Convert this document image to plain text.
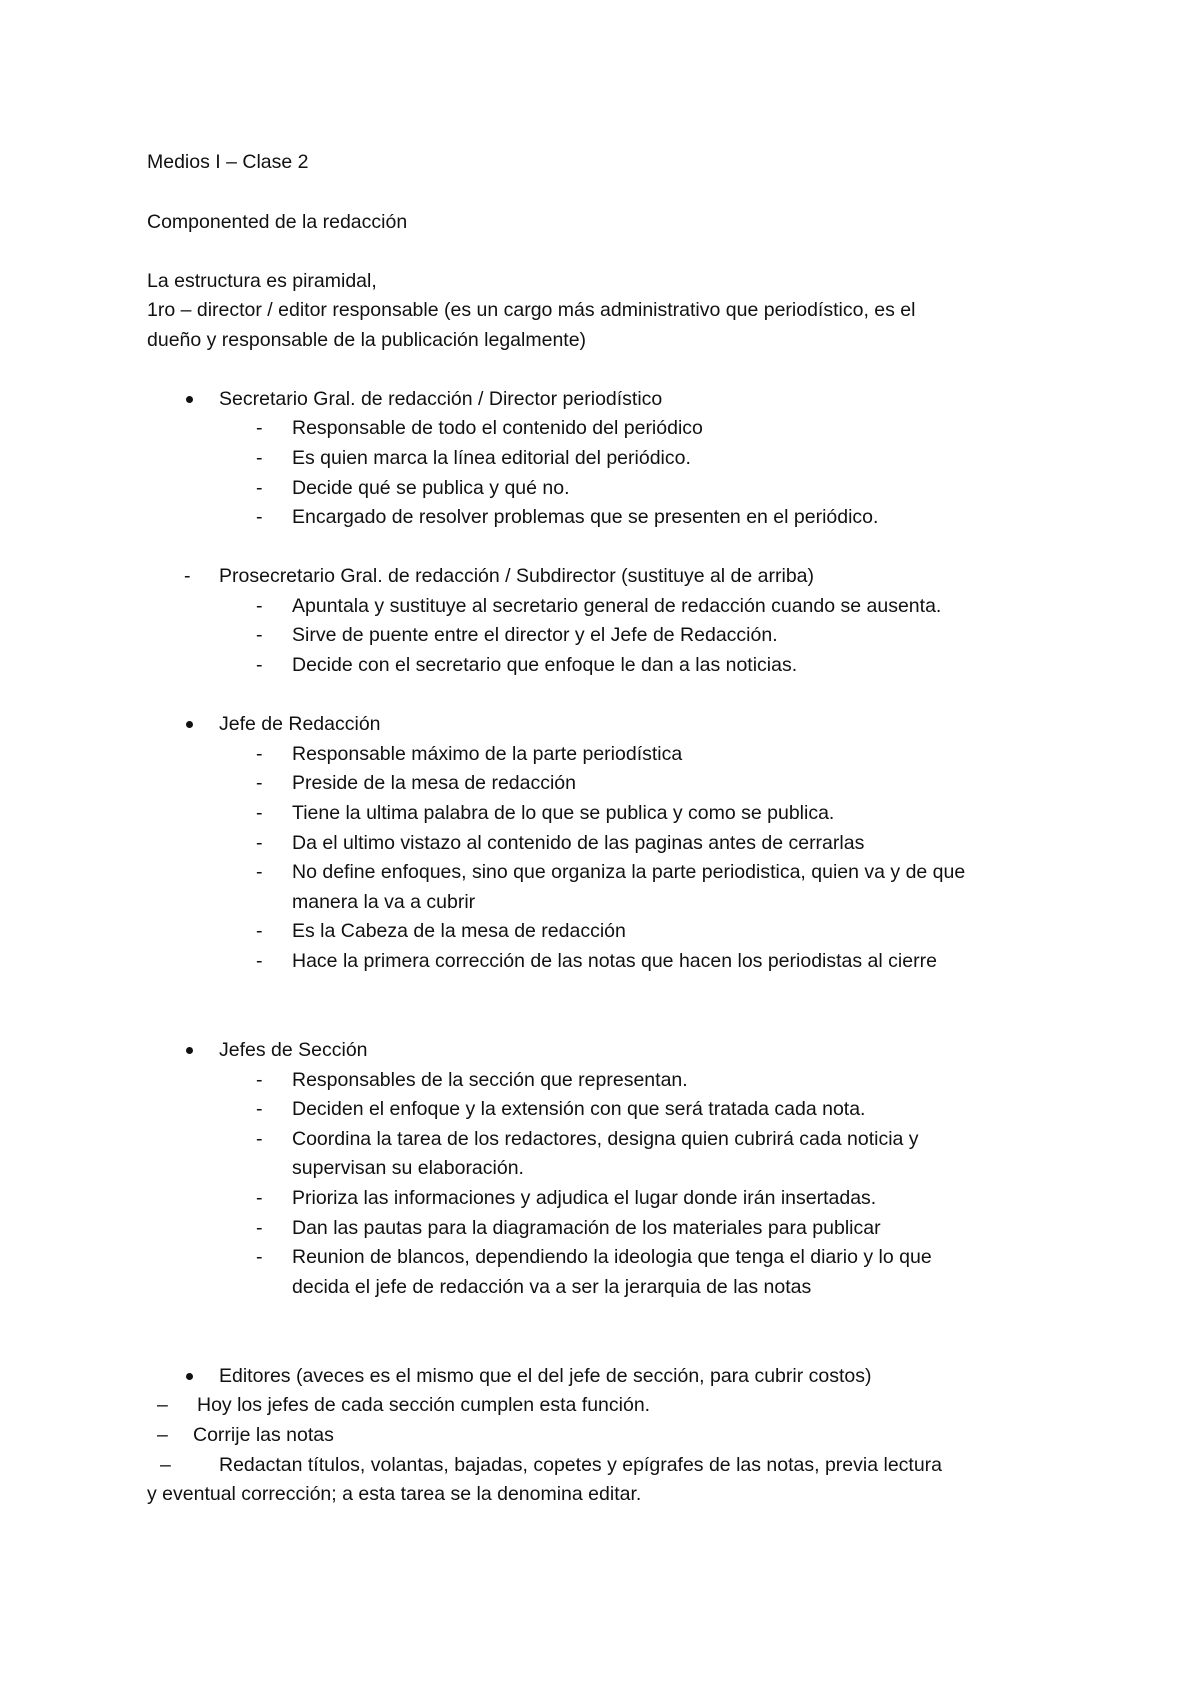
Medios I – Clase 2
Componented de la redacción
La estructura es piramidal,
1ro – director / editor responsable (es un cargo más administrativo que periodístico, es el
dueño y responsable de la publicación legalmente)
Secretario Gral. de redacción / Director periodístico
- Responsable de todo el contenido del periódico
- Es quien marca la línea editorial del periódico.
- Decide qué se publica y qué no.
- Encargado de resolver problemas que se presenten en el periódico.
- Prosecretario Gral. de redacción / Subdirector (sustituye al de arriba)
- Apuntala y sustituye al secretario general de redacción cuando se ausenta.
- Sirve de puente entre el director y el Jefe de Redacción.
- Decide con el secretario que enfoque le dan a las noticias.
Jefe de Redacción
- Responsable máximo de la parte periodística
- Preside de la mesa de redacción
- Tiene la ultima palabra de lo que se publica y como se publica.
- Da el ultimo vistazo al contenido de las paginas antes de cerrarlas
- No define enfoques, sino que organiza la parte periodistica, quien va y de que
manera la va a cubrir
- Es la Cabeza de la mesa de redacción
- Hace la primera corrección de las notas que hacen los periodistas al cierre
Jefes de Sección
- Responsables de la sección que representan.
- Deciden el enfoque y la extensión con que será tratada cada nota.
- Coordina la tarea de los redactores, designa quien cubrirá cada noticia y
supervisan su elaboración.
- Prioriza las informaciones y adjudica el lugar donde irán insertadas.
- Dan las pautas para la diagramación de los materiales para publicar
- Reunion de blancos, dependiendo la ideologia que tenga el diario y lo que
decida el jefe de redacción va a ser la jerarquia de las notas
Editores (aveces es el mismo que el del jefe de sección, para cubrir costos)
– Hoy los jefes de cada sección cumplen esta función.
– Corrije las notas
– Redactan títulos, volantas, bajadas, copetes y epígrafes de las notas, previa lectura
y eventual corrección; a esta tarea se la denomina editar.
